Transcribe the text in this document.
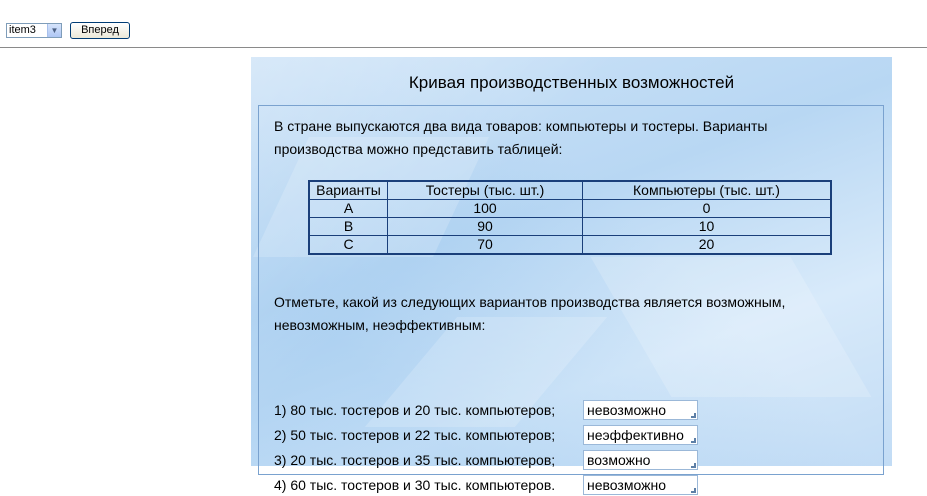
item3	▼	Вперед
Кривая производственных возможностей
В стране выпускаются два вида товаров: компьютеры и тостеры. Варианты
производства можно представить таблицей:
Варианты	Тостеры (тыс. шт.)	Компьютеры (тыс. шт.)
A	100	0
B	90	10
C	70	20
Отметьте, какой из следующих вариантов производства является возможным,
невозможным, неэффективным:
1) 80 тыс. тостеров и 20 тыс. компьютеров; невозможно
2) 50 тыс. тостеров и 22 тыс. компьютеров; неэффективно
3) 20 тыс. тостеров и 35 тыс. компьютеров; возможно
4) 60 тыс. тостеров и 30 тыс. компьютеров. невозможно
